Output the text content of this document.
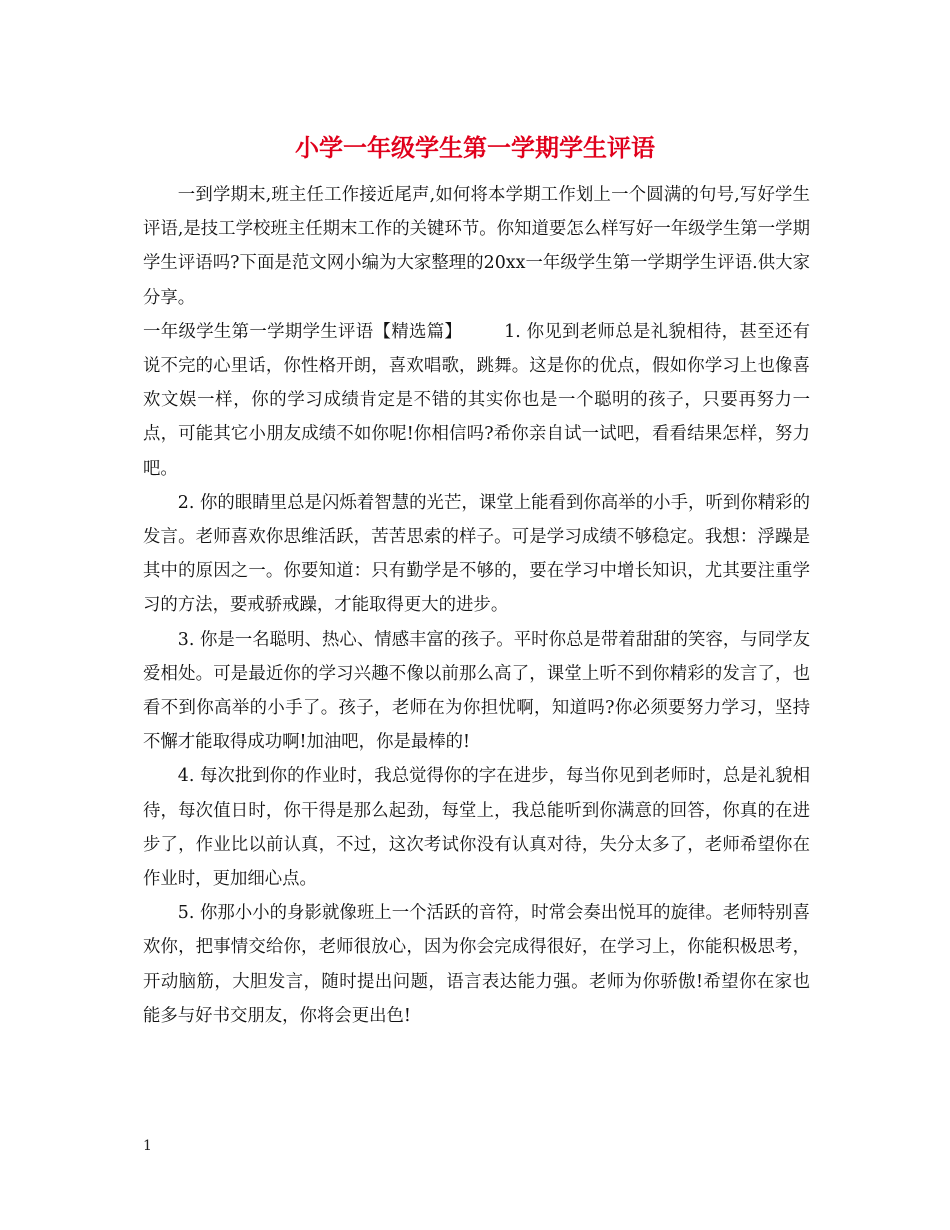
小学一年级学生第一学期学生评语

一到学期末,班主任工作接近尾声,如何将本学期工作划上一个圆满的句号,写好学生评语,是技工学校班主任期末工作的关键环节。你知道要怎么样写好一年级学生第一学期学生评语吗?下面是范文网小编为大家整理的20xx一年级学生第一学期学生评语.供大家分享。

一年级学生第一学期学生评语【精选篇】 1. 你见到老师总是礼貌相待，甚至还有说不完的心里话，你性格开朗，喜欢唱歌，跳舞。这是你的优点，假如你学习上也像喜欢文娱一样，你的学习成绩肯定是不错的其实你也是一个聪明的孩子，只要再努力一点，可能其它小朋友成绩不如你呢!你相信吗?希你亲自试一试吧，看看结果怎样，努力吧。

2. 你的眼睛里总是闪烁着智慧的光芒，课堂上能看到你高举的小手，听到你精彩的发言。老师喜欢你思维活跃，苦苦思索的样子。可是学习成绩不够稳定。我想：浮躁是其中的原因之一。你要知道：只有勤学是不够的，要在学习中增长知识，尤其要注重学习的方法，要戒骄戒躁，才能取得更大的进步。

3. 你是一名聪明、热心、情感丰富的孩子。平时你总是带着甜甜的笑容，与同学友爱相处。可是最近你的学习兴趣不像以前那么高了，课堂上听不到你精彩的发言了，也看不到你高举的小手了。孩子，老师在为你担忧啊，知道吗?你必须要努力学习，坚持不懈才能取得成功啊!加油吧，你是最棒的!

4. 每次批到你的作业时，我总觉得你的字在进步，每当你见到老师时，总是礼貌相待，每次值日时，你干得是那么起劲，每堂上，我总能听到你满意的回答，你真的在进步了，作业比以前认真，不过，这次考试你没有认真对待，失分太多了，老师希望你在作业时，更加细心点。

5. 你那小小的身影就像班上一个活跃的音符，时常会奏出悦耳的旋律。老师特别喜欢你，把事情交给你，老师很放心，因为你会完成得很好，在学习上，你能积极思考，开动脑筋，大胆发言，随时提出问题，语言表达能力强。老师为你骄傲!希望你在家也能多与好书交朋友，你将会更出色!

1
